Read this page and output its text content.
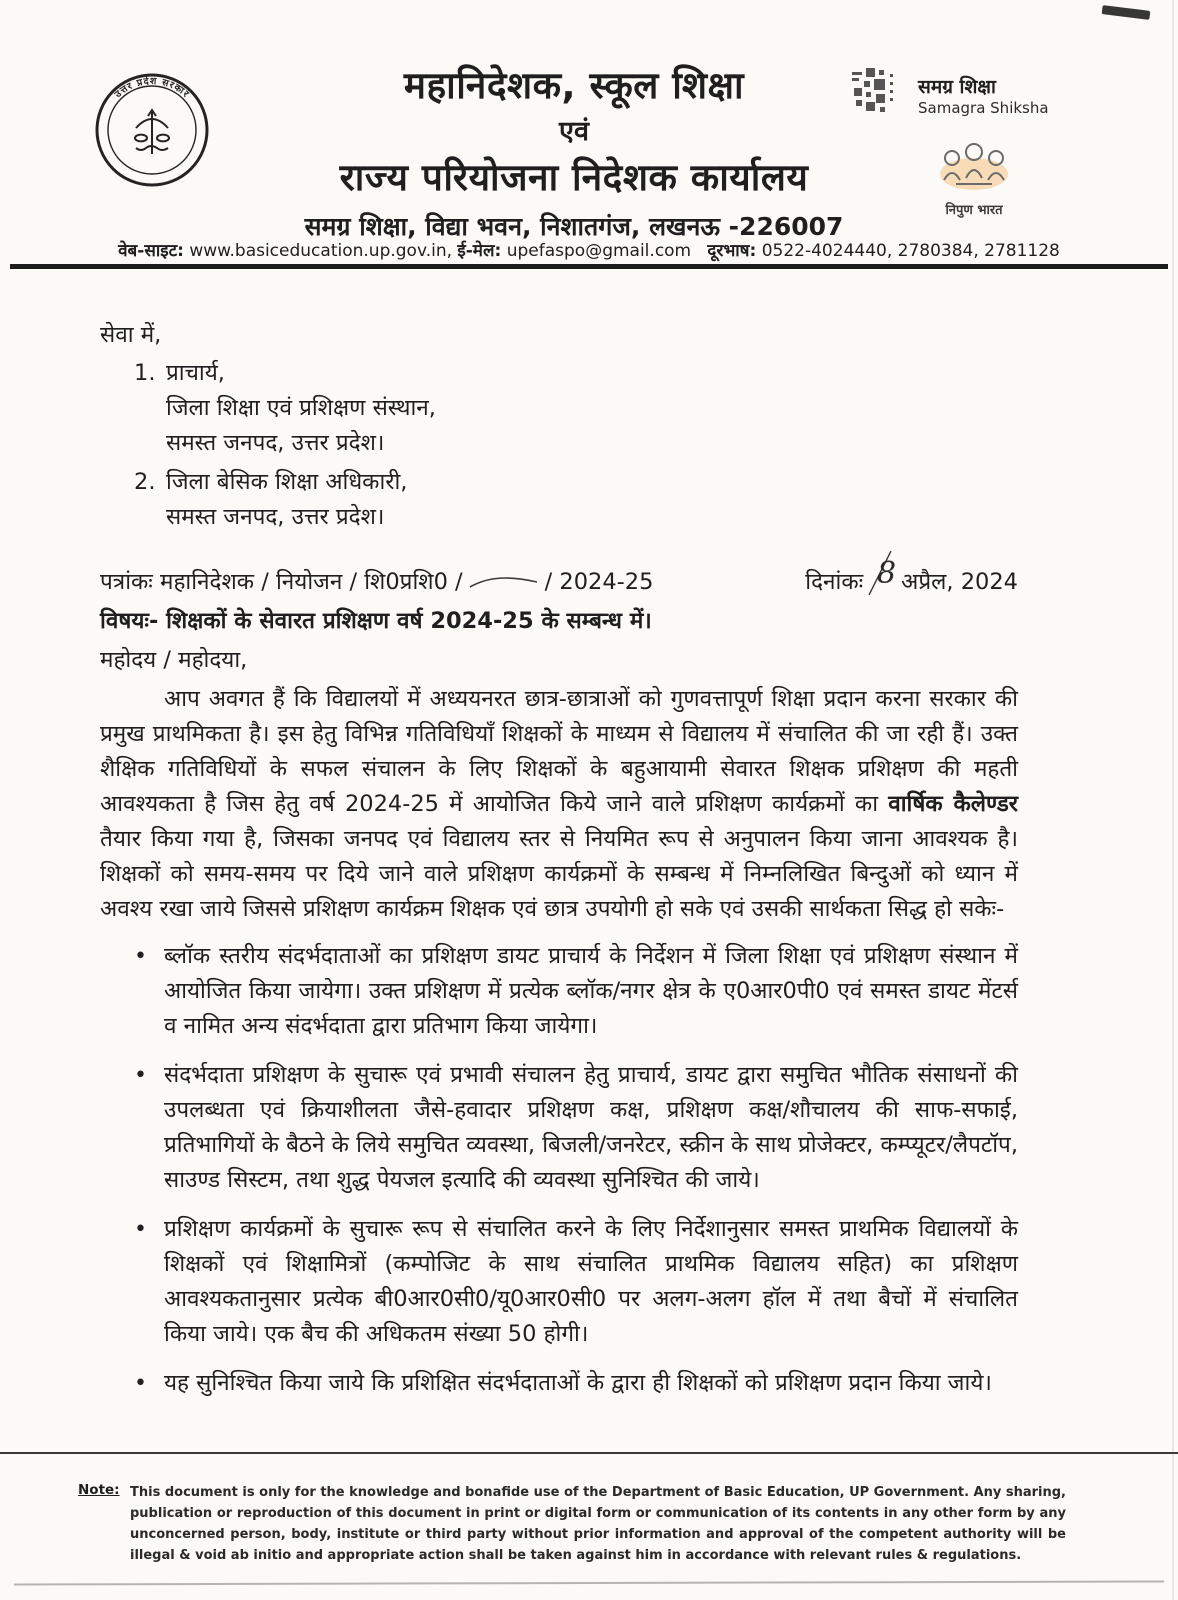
उत्तर प्रदेश सरकार	महानिदेशक, स्कूल शिक्षा
एवं
राज्य परियोजना निदेशक कार्यालय
समग्र शिक्षा, विद्या भवन, निशातगंज, लखनऊ -226007
समग्र शिक्षा
Samagra Shiksha
निपुण भारत
वेब-साइट: www.basiceducation.up.gov.in, ई-मेल: upefaspo@gmail.com दूरभाष: 0522-4024440, 2780384, 2781128
सेवा में,
1. प्राचार्य,
जिला शिक्षा एवं प्रशिक्षण संस्थान,
समस्त जनपद, उत्तर प्रदेश।
2. जिला बेसिक शिक्षा अधिकारी,
समस्त जनपद, उत्तर प्रदेश।
पत्रांकः महानिदेशक / नियोजन / शि0प्रशि0 /	/ 2024-25	दिनांकः 8 अप्रैल, 2024
विषयः- शिक्षकों के सेवारत प्रशिक्षण वर्ष 2024-25 के सम्बन्ध में।
महोदय / महोदया,

आप अवगत हैं कि विद्यालयों में अध्ययनरत छात्र-छात्राओं को गुणवत्तापूर्ण शिक्षा प्रदान करना सरकार की प्रमुख प्राथमिकता है। इस हेतु विभिन्न गतिविधियाँ शिक्षकों के माध्यम से विद्यालय में संचालित की जा रही हैं। उक्त शैक्षिक गतिविधियों के सफल संचालन के लिए शिक्षकों के बहुआयामी सेवारत शिक्षक प्रशिक्षण की महती आवश्यकता है जिस हेतु वर्ष 2024-25 में आयोजित किये जाने वाले प्रशिक्षण कार्यक्रमों का वार्षिक कैलेण्डर तैयार किया गया है, जिसका जनपद एवं विद्यालय स्तर से नियमित रूप से अनुपालन किया जाना आवश्यक है। शिक्षकों को समय-समय पर दिये जाने वाले प्रशिक्षण कार्यक्रमों के सम्बन्ध में निम्नलिखित बिन्दुओं को ध्यान में अवश्य रखा जाये जिससे प्रशिक्षण कार्यक्रम शिक्षक एवं छात्र उपयोगी हो सके एवं उसकी सार्थकता सिद्ध हो सकेः-

• ब्लॉक स्तरीय संदर्भदाताओं का प्रशिक्षण डायट प्राचार्य के निर्देशन में जिला शिक्षा एवं प्रशिक्षण संस्थान में आयोजित किया जायेगा। उक्त प्रशिक्षण में प्रत्येक ब्लॉक/नगर क्षेत्र के ए0आर0पी0 एवं समस्त डायट मेंटर्स व नामित अन्य संदर्भदाता द्वारा प्रतिभाग किया जायेगा।
• संदर्भदाता प्रशिक्षण के सुचारू एवं प्रभावी संचालन हेतु प्राचार्य, डायट द्वारा समुचित भौतिक संसाधनों की उपलब्धता एवं क्रियाशीलता जैसे-हवादार प्रशिक्षण कक्ष, प्रशिक्षण कक्ष/शौचालय की साफ-सफाई, प्रतिभागियों के बैठने के लिये समुचित व्यवस्था, बिजली/जनरेटर, स्क्रीन के साथ प्रोजेक्टर, कम्प्यूटर/लैपटॉप, साउण्ड सिस्टम, तथा शुद्ध पेयजल इत्यादि की व्यवस्था सुनिश्चित की जाये।
• प्रशिक्षण कार्यक्रमों के सुचारू रूप से संचालित करने के लिए निर्देशानुसार समस्त प्राथमिक विद्यालयों के शिक्षकों एवं शिक्षामित्रों (कम्पोजिट के साथ संचालित प्राथमिक विद्यालय सहित) का प्रशिक्षण आवश्यकतानुसार प्रत्येक बी0आर0सी0/यू0आर0सी0 पर अलग-अलग हॉल में तथा बैचों में संचालित किया जाये। एक बैच की अधिकतम संख्या 50 होगी।
• यह सुनिश्चित किया जाये कि प्रशिक्षित संदर्भदाताओं के द्वारा ही शिक्षकों को प्रशिक्षण प्रदान किया जाये।
Note: This document is only for the knowledge and bonafide use of the Department of Basic Education, UP Government. Any sharing, publication or reproduction of this document in print or digital form or communication of its contents in any other form by any unconcerned person, body, institute or third party without prior information and approval of the competent authority will be illegal & void ab initio and appropriate action shall be taken against him in accordance with relevant rules & regulations.
